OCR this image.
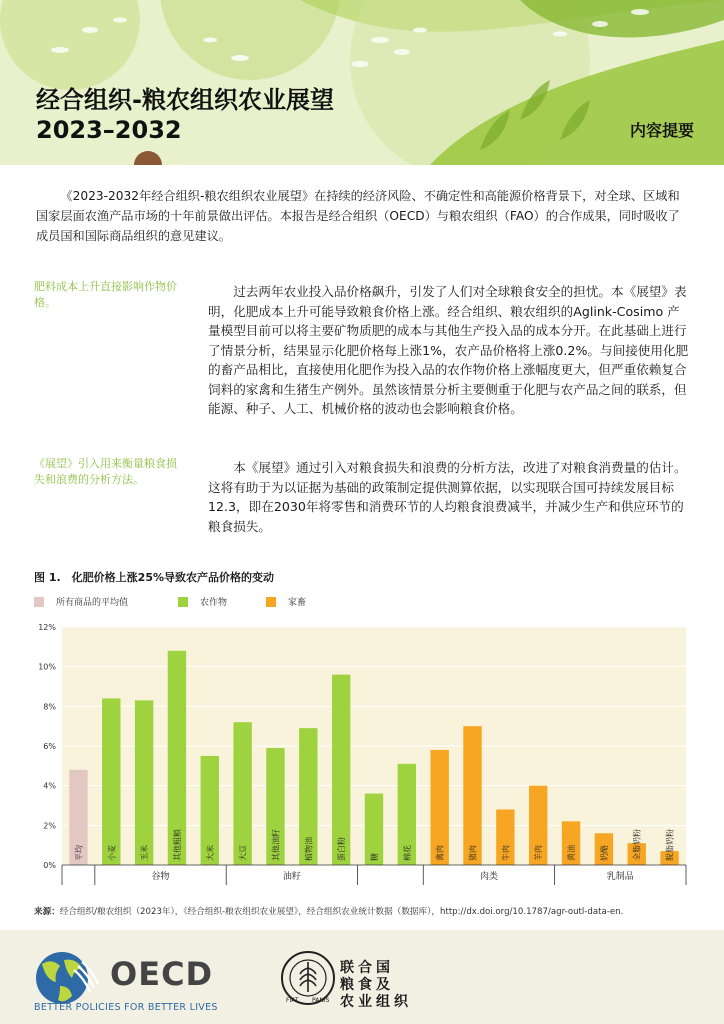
经合组织-粮农组织农业展望
2023–2032	内容提要
《2023-2032年经合组织-粮农组织农业展望》在持续的经济风险、不确定性和高能源价格背景下，对全球、区域和国家层面农渔产品市场的十年前景做出评估。本报告是经合组织（OECD）与粮农组织（FAO）的合作成果，同时吸收了成员国和国际商品组织的意见建议。
肥料成本上升直接影响作物价格。
《展望》引入用来衡量粮食损失和浪费的分析方法。
过去两年农业投入品价格飙升，引发了人们对全球粮食安全的担忧。本《展望》表明，化肥成本上升可能导致粮食价格上涨。经合组织、粮农组织的Aglink-Cosimo 产量模型目前可以将主要矿物质肥的成本与其他生产投入品的成本分开。在此基础上进行了情景分析，结果显示化肥价格每上涨1%，农产品价格将上涨0.2%。与间接使用化肥的畜产品相比，直接使用化肥作为投入品的农作物价格上涨幅度更大，但严重依赖复合饲料的家禽和生猪生产例外。虽然该情景分析主要侧重于化肥与农产品之间的联系，但能源、种子、人工、机械价格的波动也会影响粮食价格。
本《展望》通过引入对粮食损失和浪费的分析方法，改进了对粮食消费量的估计。这将有助于为以证据为基础的政策制定提供测算依据，以实现联合国可持续发展目标12.3，即在2030年将零售和消费环节的人均粮食浪费减半，并减少生产和供应环节的粮食损失。
图 1.　化肥价格上涨25%导致农产品价格的变动
所有商品的平均值	农作物	家畜
0%
2%
4%
6%
8%
10%
12%
平均	小麦	玉米	其他粗粮	大米	大豆	其他油籽	植物油	蛋白粉	糖	棉花	禽肉	猪肉	牛肉	羊肉	黄油	奶酪	全脂奶粉	脱脂奶粉
谷物	油籽	肉类	乳制品
来源：经合组织/粮农组织（2023年），《经合组织-粮农组织农业展望》，经合组织农业统计数据（数据库），http://dx.doi.org/10.1787/agr-outl-data-en.
OECD
BETTER POLICIES FOR BETTER LIVES
FIAT PANIS
联合国
粮食及
农业组织
